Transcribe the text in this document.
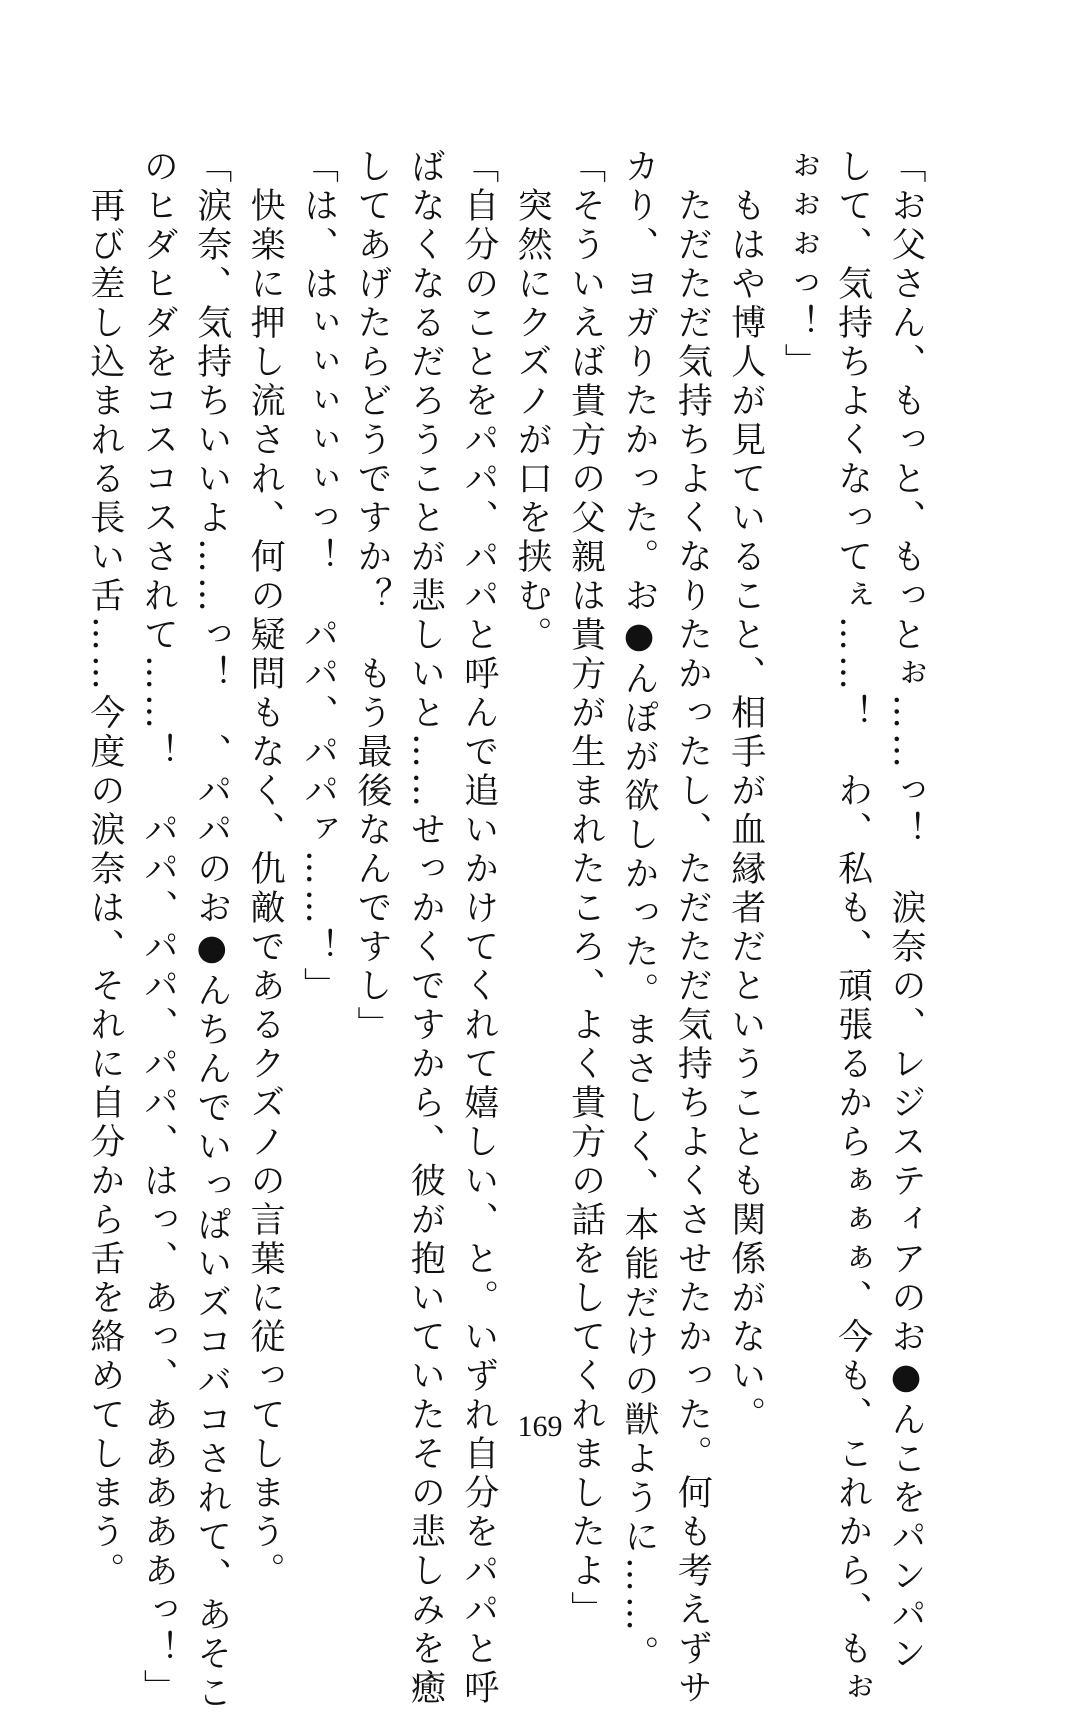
「お父さん、もっと、もっとぉ……っ！　涙奈の、レジスティアのお●んこをパンパン

して、気持ちよくなってぇ……！　わ、私も、頑張るからぁぁぁ、今も、これから、もぉ

ぉぉぉっ！」

　もはや博人が見ていること、相手が血縁者だということも関係がない。

　ただただ気持ちよくなりたかったし、ただただ気持ちよくさせたかった。何も考えずサ

カり、ヨガりたかった。お●んぽが欲しかった。まさしく、本能だけの獣ように……。

「そういえば貴方の父親は貴方が生まれたころ、よく貴方の話をしてくれましたよ」

　突然にクズノが口を挟む。

「自分のことをパパ、パパと呼んで追いかけてくれて嬉しい、と。いずれ自分をパパと呼

ばなくなるだろうことが悲しいと……せっかくですから、彼が抱いていたその悲しみを癒

してあげたらどうですか？　もう最後なんですし」

「は、はぃぃぃぃぃっ！　パパ、パパァ……！」

　快楽に押し流され、何の疑問もなく、仇敵であるクズノの言葉に従ってしまう。

「涙奈、気持ちいいよ……っ！　、パパのお●んちんでいっぱいズコバコされて、あそこ

のヒダヒダをコスコスされて……！　パパ、パパ、パパ、はっ、あっ、あああああっ！」

　再び差し込まれる長い舌……今度の涙奈は、それに自分から舌を絡めてしまう。	169
